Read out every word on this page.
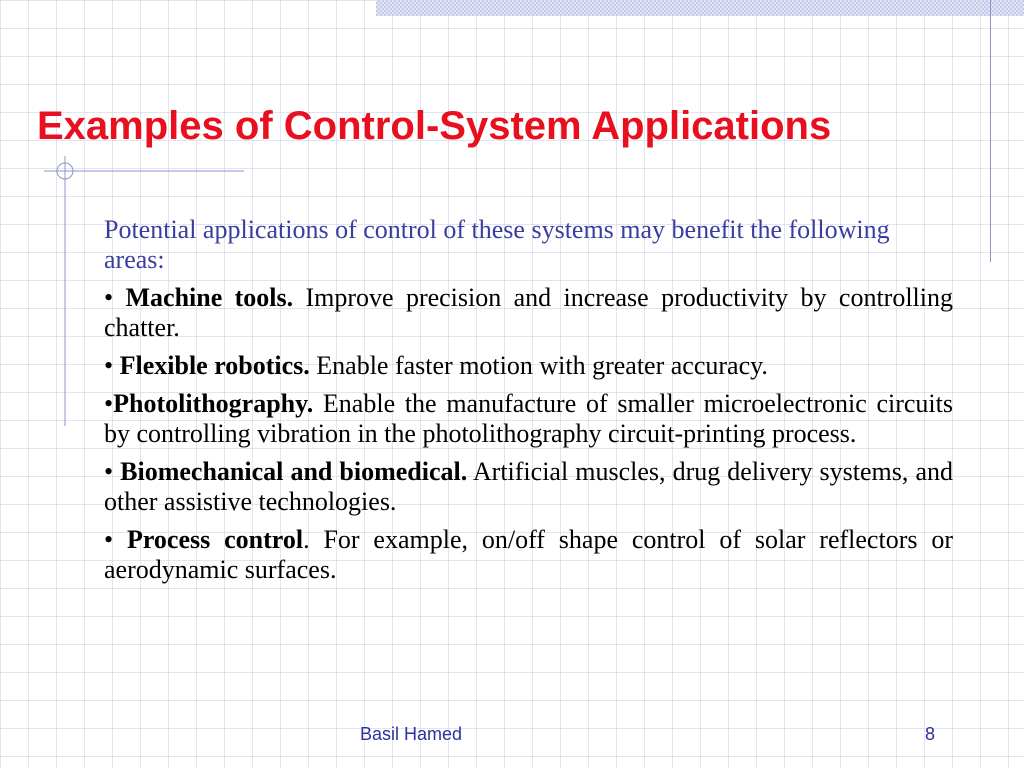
Examples of Control-System Applications

Potential applications of control of these systems may benefit the following areas:

• Machine tools. Improve precision and increase productivity by controlling chatter.

• Flexible robotics. Enable faster motion with greater accuracy.

•Photolithography. Enable the manufacture of smaller microelectronic circuits by controlling vibration in the photolithography circuit-printing process.

• Biomechanical and biomedical. Artificial muscles, drug delivery systems, and other assistive technologies.

• Process control. For example, on/off shape control of solar reflectors or aerodynamic surfaces.

Basil Hamed	8
